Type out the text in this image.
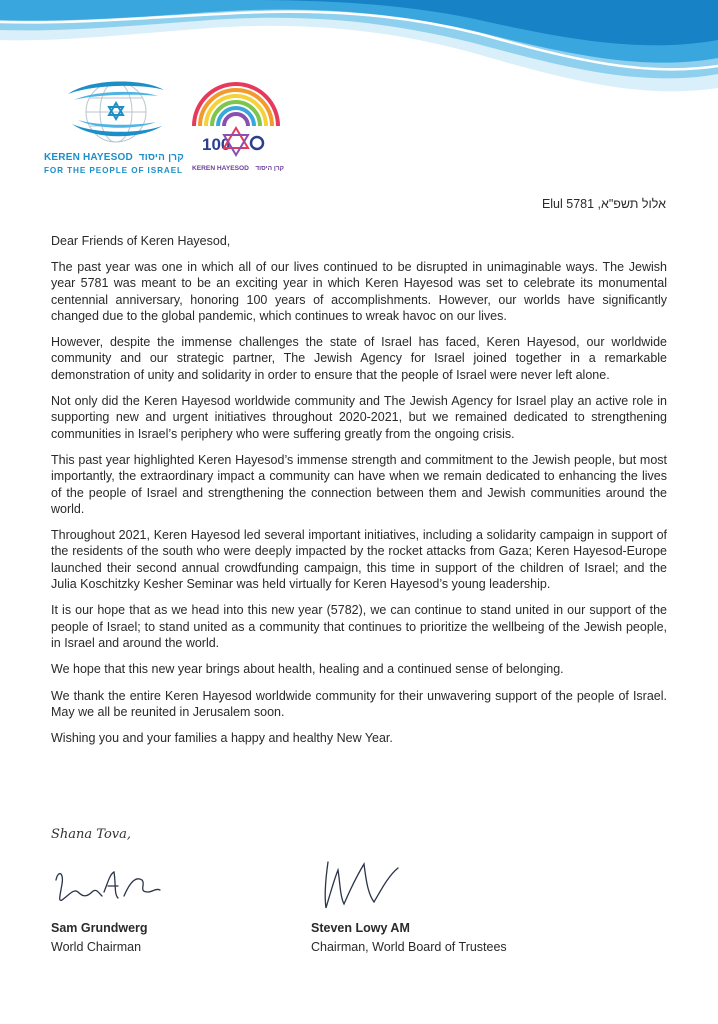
KEREN HAYESOD קרן היסוד
FOR THE PEOPLE OF ISRAEL
100
KEREN HAYESOD קרן היסוד
Elul 5781 ,אלול תשפ"א

Dear Friends of Keren Hayesod,

The past year was one in which all of our lives continued to be disrupted in unimaginable ways. The Jewish year 5781 was meant to be an exciting year in which Keren Hayesod was set to celebrate its monumental centennial anniversary, honoring 100 years of accomplishments. However, our worlds have significantly changed due to the global pandemic, which continues to wreak havoc on our lives.

However, despite the immense challenges the state of Israel has faced, Keren Hayesod, our worldwide community and our strategic partner, The Jewish Agency for Israel joined together in a remarkable demonstration of unity and solidarity in order to ensure that the people of Israel were never left alone.

Not only did the Keren Hayesod worldwide community and The Jewish Agency for Israel play an active role in supporting new and urgent initiatives throughout 2020-2021, but we remained dedicated to strengthening communities in Israel’s periphery who were suffering greatly from the ongoing crisis.

This past year highlighted Keren Hayesod’s immense strength and commitment to the Jewish people, but most importantly, the extraordinary impact a community can have when we remain dedicated to enhancing the lives of the people of Israel and strengthening the connection between them and Jewish communities around the world.

Throughout 2021, Keren Hayesod led several important initiatives, including a solidarity campaign in support of the residents of the south who were deeply impacted by the rocket attacks from Gaza; Keren Hayesod-Europe launched their second annual crowdfunding campaign, this time in support of the children of Israel; and the Julia Koschitzky Kesher Seminar was held virtually for Keren Hayesod’s young leadership.

It is our hope that as we head into this new year (5782), we can continue to stand united in our support of the people of Israel; to stand united as a community that continues to prioritize the wellbeing of the Jewish people, in Israel and around the world.

We hope that this new year brings about health, healing and a continued sense of belonging.

We thank the entire Keren Hayesod worldwide community for their unwavering support of the people of Israel. May we all be reunited in Jerusalem soon.

Wishing you and your families a happy and healthy New Year.

Shana Tova,
Sam Grundwerg
World Chairman
Steven Lowy AM
Chairman, World Board of Trustees
